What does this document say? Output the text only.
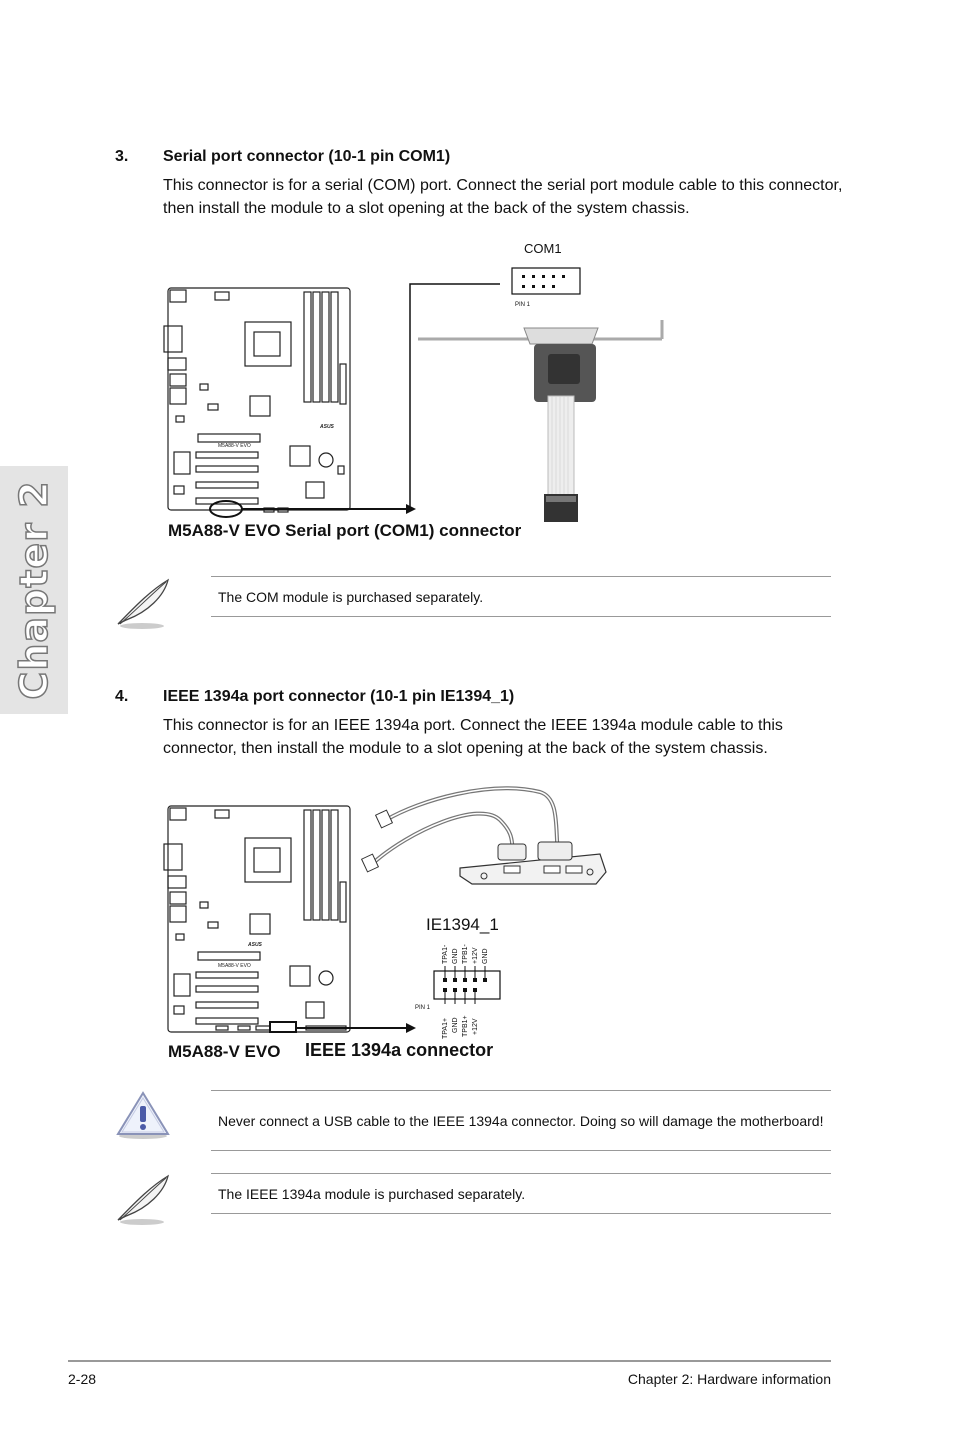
Chapter 2
3. Serial port connector (10-1 pin COM1)
This connector is for a serial (COM) port. Connect the serial port module cable to this connector, then install the module to a slot opening at the back of the system chassis.
ASUS
M5A88-V EVO
COM1
PIN 1
M5A88-V EVO Serial port (COM1) connector
The COM module is purchased separately.
4. IEEE 1394a port connector (10-1 pin IE1394_1)
This connector is for an IEEE 1394a port. Connect the IEEE 1394a module cable to this connector, then install the module to a slot opening at the back of the system chassis.
ASUS
M5A88-V EVO
IE1394_1
TPA1- GND TPB1- +12V GND
PIN 1
TPA1+ GND TPB1+ +12V
M5A88-V EVO IEEE 1394a connector
Never connect a USB cable to the IEEE 1394a connector. Doing so will damage the motherboard!
The IEEE 1394a module is purchased separately.
2-28	Chapter 2: Hardware information
